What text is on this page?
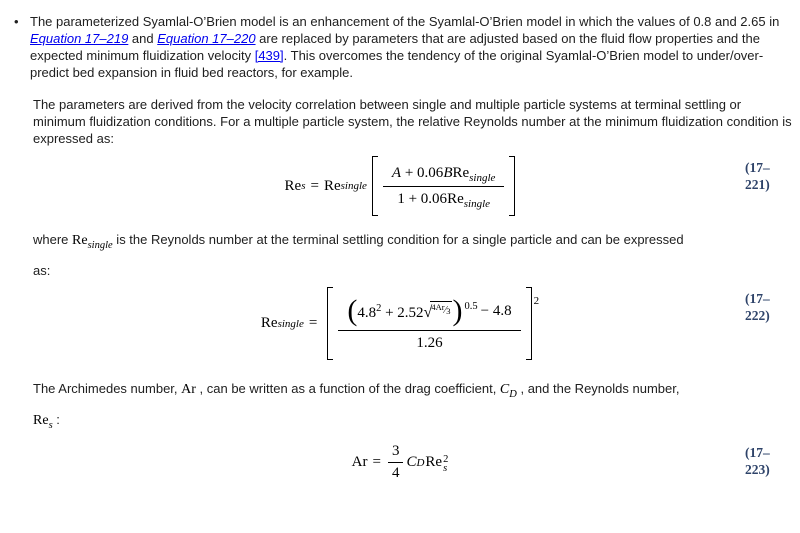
• The parameterized Syamlal-O’Brien model is an enhancement of the Syamlal-O’Brien model in which the values of 0.8 and 2.65 in Equation 17–219 and Equation 17–220 are replaced by parameters that are adjusted based on the fluid flow properties and the expected minimum fluidization velocity [439]. This overcomes the tendency of the original Syamlal-O’Brien model to under/over-predict bed expansion in fluid bed reactors, for example.

The parameters are derived from the velocity correlation between single and multiple particle systems at terminal settling or minimum fluidization conditions. For a multiple particle system, the relative Reynolds number at the minimum fluidization condition is expressed as:

Re s = Re single $\frac{A + 0.06BRe_{single}}{1 + 0.06Re_{single}}$	(17–
221)

where $Re_{single}$ is the Reynolds number at the terminal settling condition for a single particle and can be expressed
as:

Re single = ( $4.8^2$ + 2.52√$^{4Ar}$⁄3 ) 0.5 − 4.8
1.26
2	(17–
222)

The Archimedes number, Ar , can be written as a function of the drag coefficient, $C_D$ , and the Reynolds number,
$Re_s$ :

$Ar = \frac{3}{4}$ C D Re 2
s
(17–
223)
